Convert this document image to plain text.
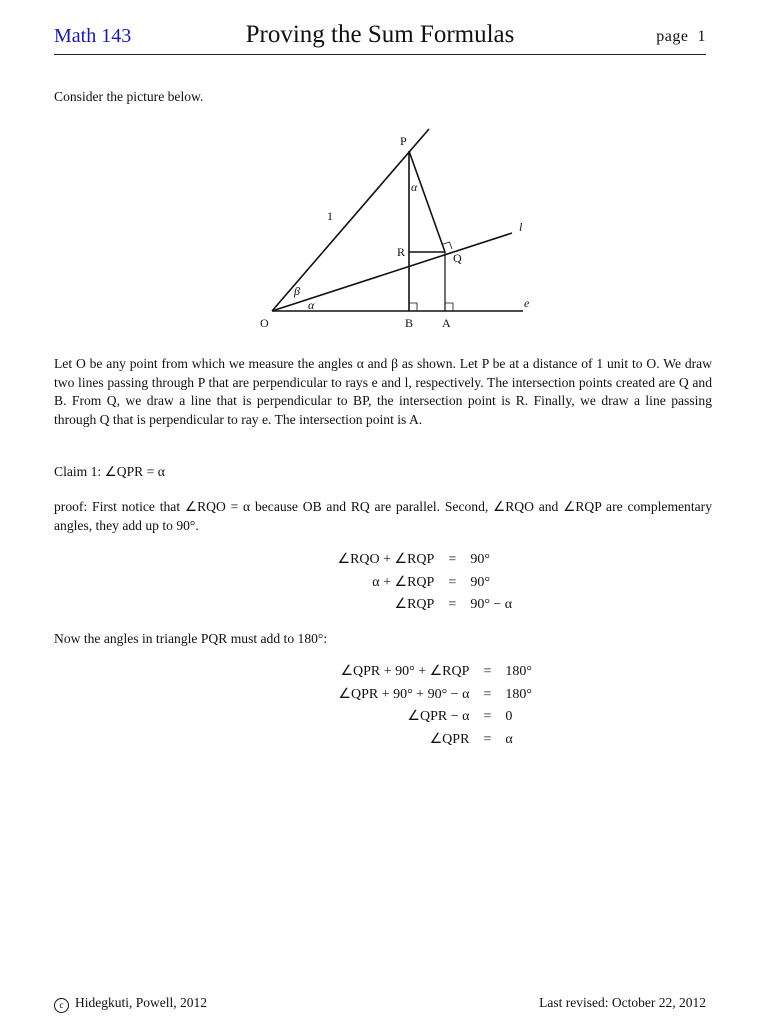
Math 143	Proving the Sum Formulas	page 1
Consider the picture below.
P
O	B A
R	Q
1
l
e
α
α
β
Let O be any point from which we measure the angles α and β as shown. Let P be at a distance of 1 unit to O. We draw two lines passing through P that are perpendicular to rays e and l, respectively. The intersection points created are Q and B. From Q, we draw a line that is perpendicular to BP, the intersection point is R. Finally, we draw a line passing through Q that is perpendicular to ray e. The intersection point is A.
Claim 1: ∠QPR = α
proof: First notice that ∠RQO = α because OB and RQ are parallel. Second, ∠RQO and ∠RQP are complementary angles, they add up to 90°.
∠RQO + ∠RQP	=	90°
α + ∠RQP	=	90°
∠RQP	=	90° − α
Now the angles in triangle PQR must add to 180°:
∠QPR + 90° + ∠RQP	=	180°
∠QPR + 90° + 90° − α	=	180°
∠QPR − α	=	0
∠QPR	=	α
c Hidegkuti, Powell, 2012	Last revised: October 22, 2012
